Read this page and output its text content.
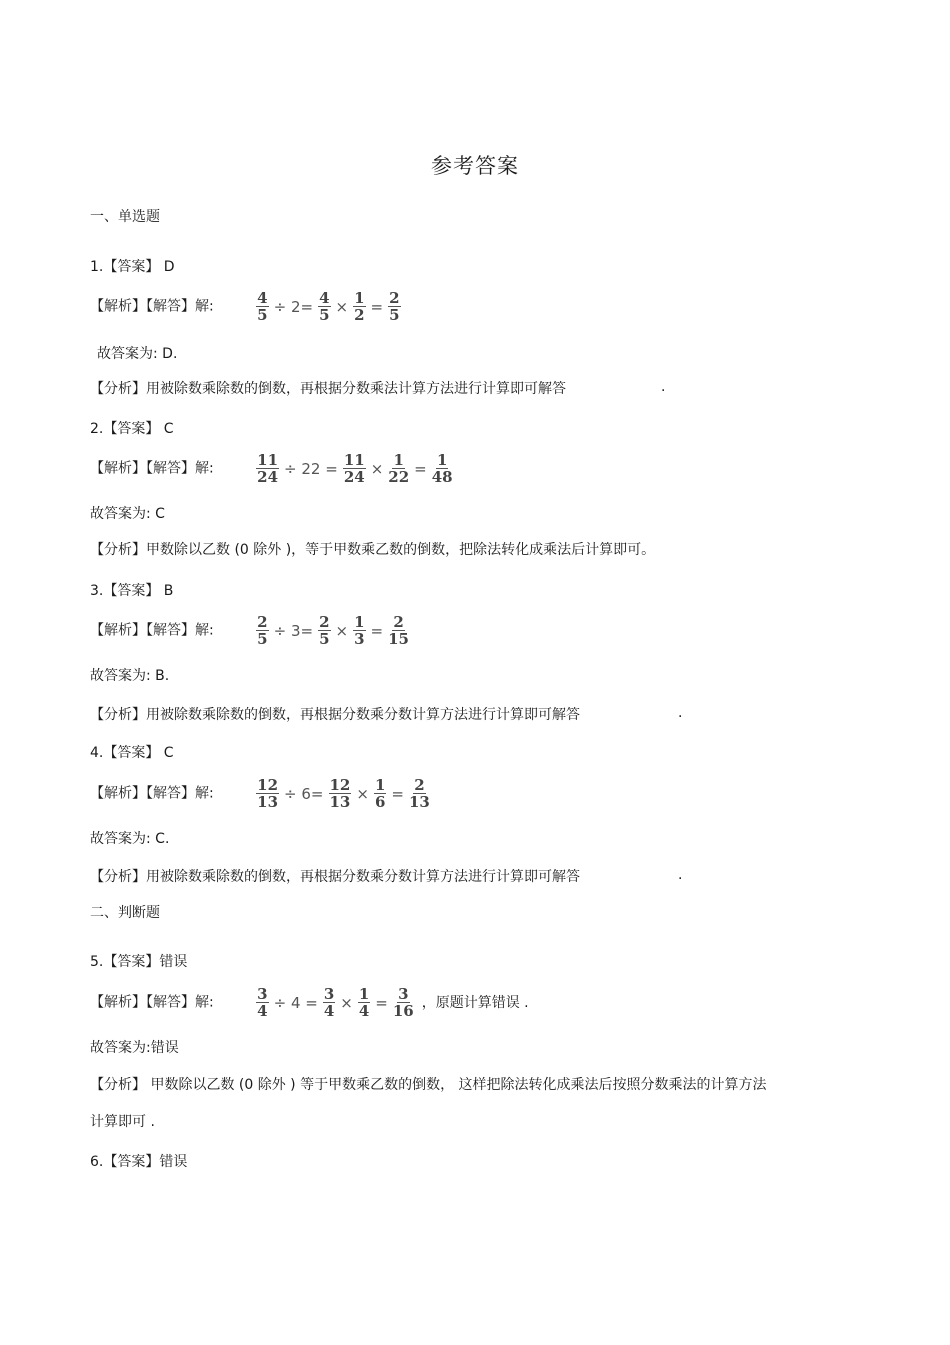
参考答案
一、单选题
1.【答案】 D
【解析】【解答】解:	$\frac{4}{5} \div 2= \frac{4}{5} \times \frac{1}{2} = \frac{2}{5}$
故答案为: D.
【分析】用被除数乘除数的倒数，再根据分数乘法计算方法进行计算即可解答	.
2.【答案】 C
【解析】【解答】解:	$\frac{11}{24} \div 22 = \frac{11}{24} \times \frac{1}{22} = \frac{1}{48}$
故答案为: C
【分析】甲数除以乙数 (0 除外 )，等于甲数乘乙数的倒数，把除法转化成乘法后计算即可。
3.【答案】 B
【解析】【解答】解:	$\frac{2}{5} \div 3= \frac{2}{5} \times \frac{1}{3} = \frac{2}{15}$
故答案为: B.
【分析】用被除数乘除数的倒数，再根据分数乘分数计算方法进行计算即可解答	.
4.【答案】 C
【解析】【解答】解:	$\frac{12}{13} \div 6= \frac{12}{13} \times \frac{1}{6} = \frac{2}{13}$
故答案为: C.
【分析】用被除数乘除数的倒数，再根据分数乘分数计算方法进行计算即可解答	.
二、判断题
5.【答案】错误
【解析】【解答】解:	$\frac{3}{4} \div 4 = \frac{3}{4} \times \frac{1}{4} = \frac{3}{16}$ ，原题计算错误 .
故答案为:错误
【分析】 甲数除以乙数 (0 除外 ) 等于甲数乘乙数的倒数， 这样把除法转化成乘法后按照分数乘法的计算方法
计算即可 .
6.【答案】错误
